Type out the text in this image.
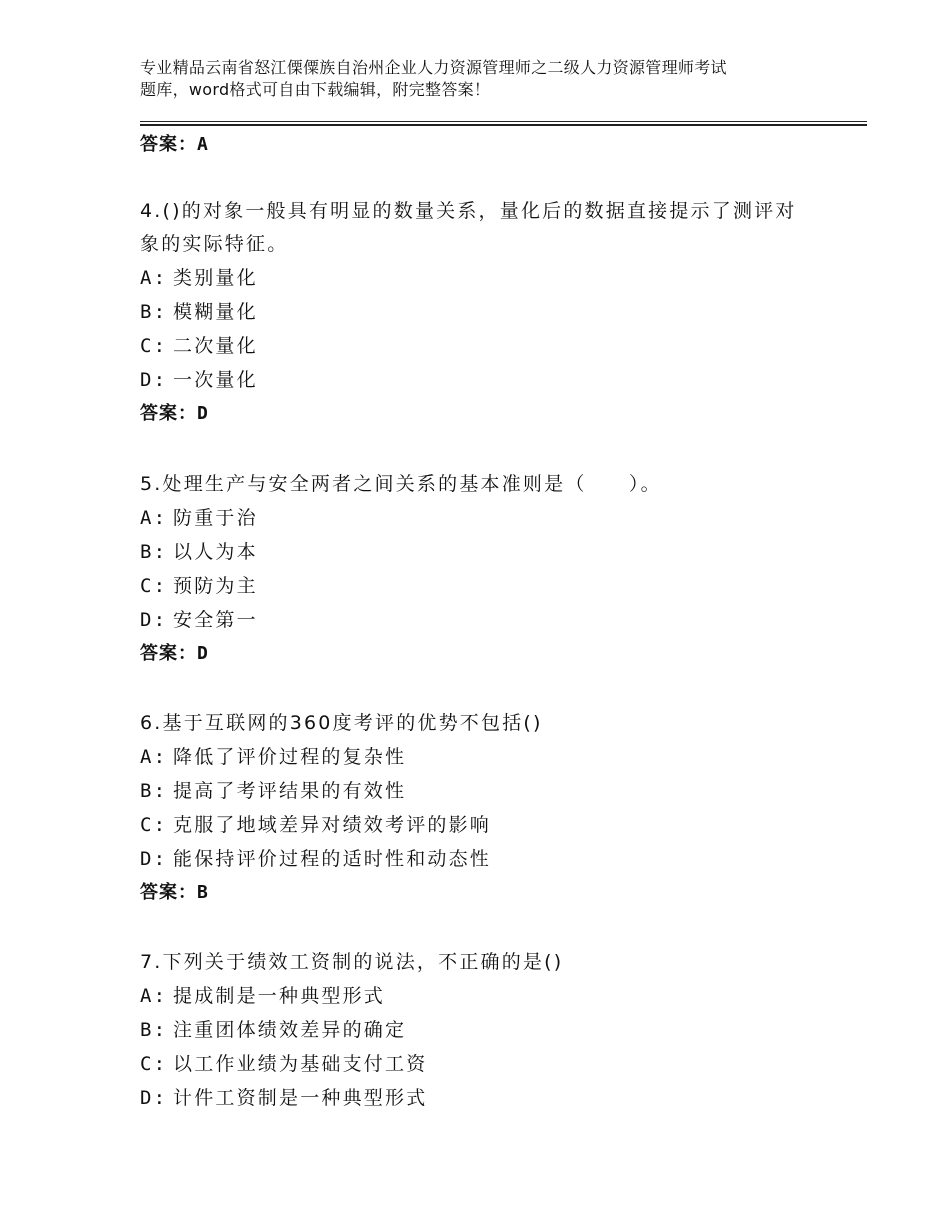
专业精品云南省怒江傈僳族自治州企业人力资源管理师之二级人力资源管理师考试
题库，word格式可自由下载编辑，附完整答案！
答案：A

4.()的对象一般具有明显的数量关系，量化后的数据直接提示了测评对象的实际特征。

A: 类别量化
B: 模糊量化
C: 二次量化
D: 一次量化
答案：D

5.处理生产与安全两者之间关系的基本准则是（　　）。

A: 防重于治
B: 以人为本
C: 预防为主
D: 安全第一
答案：D

6.基于互联网的360度考评的优势不包括()

A: 降低了评价过程的复杂性
B: 提高了考评结果的有效性
C: 克服了地域差异对绩效考评的影响
D: 能保持评价过程的适时性和动态性
答案：B

7.下列关于绩效工资制的说法，不正确的是()

A: 提成制是一种典型形式
B: 注重团体绩效差异的确定
C: 以工作业绩为基础支付工资
D: 计件工资制是一种典型形式
